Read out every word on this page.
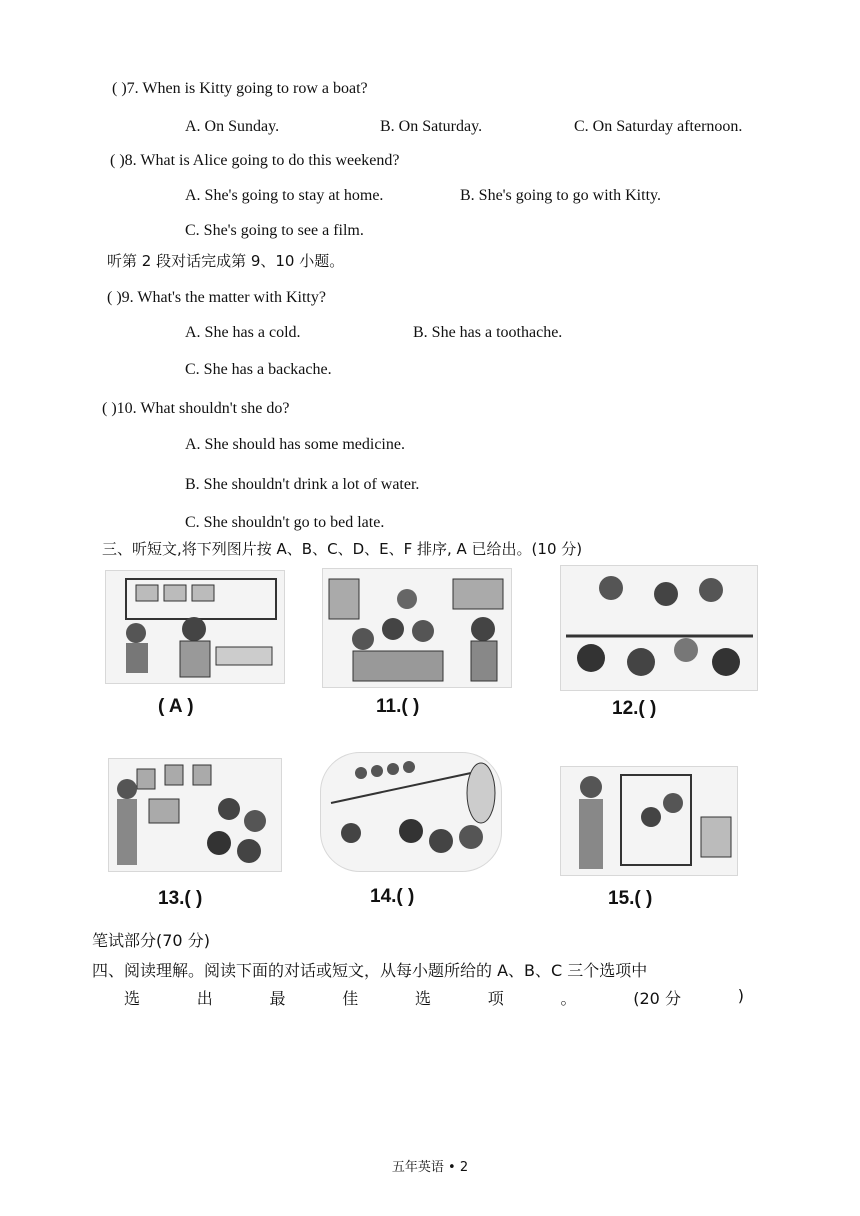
( )7. When is Kitty going to row a boat?
A. On Sunday.	B. On Saturday.	C. On Saturday afternoon.
( )8. What is Alice going to do this weekend?
A. She's going to stay at home.	B. She's going to go with Kitty.
C. She's going to see a film.
听第 2 段对话完成第 9、10 小题。
( )9. What's the matter with Kitty?
A. She has a cold.	B. She has a toothache.
C. She has a backache.
( )10. What shouldn't she do?
A. She should has some medicine.
B. She shouldn't drink a lot of water.
C. She shouldn't go to bed late.
三、听短文,将下列图片按 A、B、C、D、E、F 排序, A 已给出。(10 分)
( A )	11.( )	12.( )
13.( )	14.( )	15.( )
笔试部分(70 分)
四、阅读理解。阅读下面的对话或短文，从每小题所给的 A、B、C 三个选项中
选	出	最	佳	选	项	。	(20 分	)
五年英语 • 2
